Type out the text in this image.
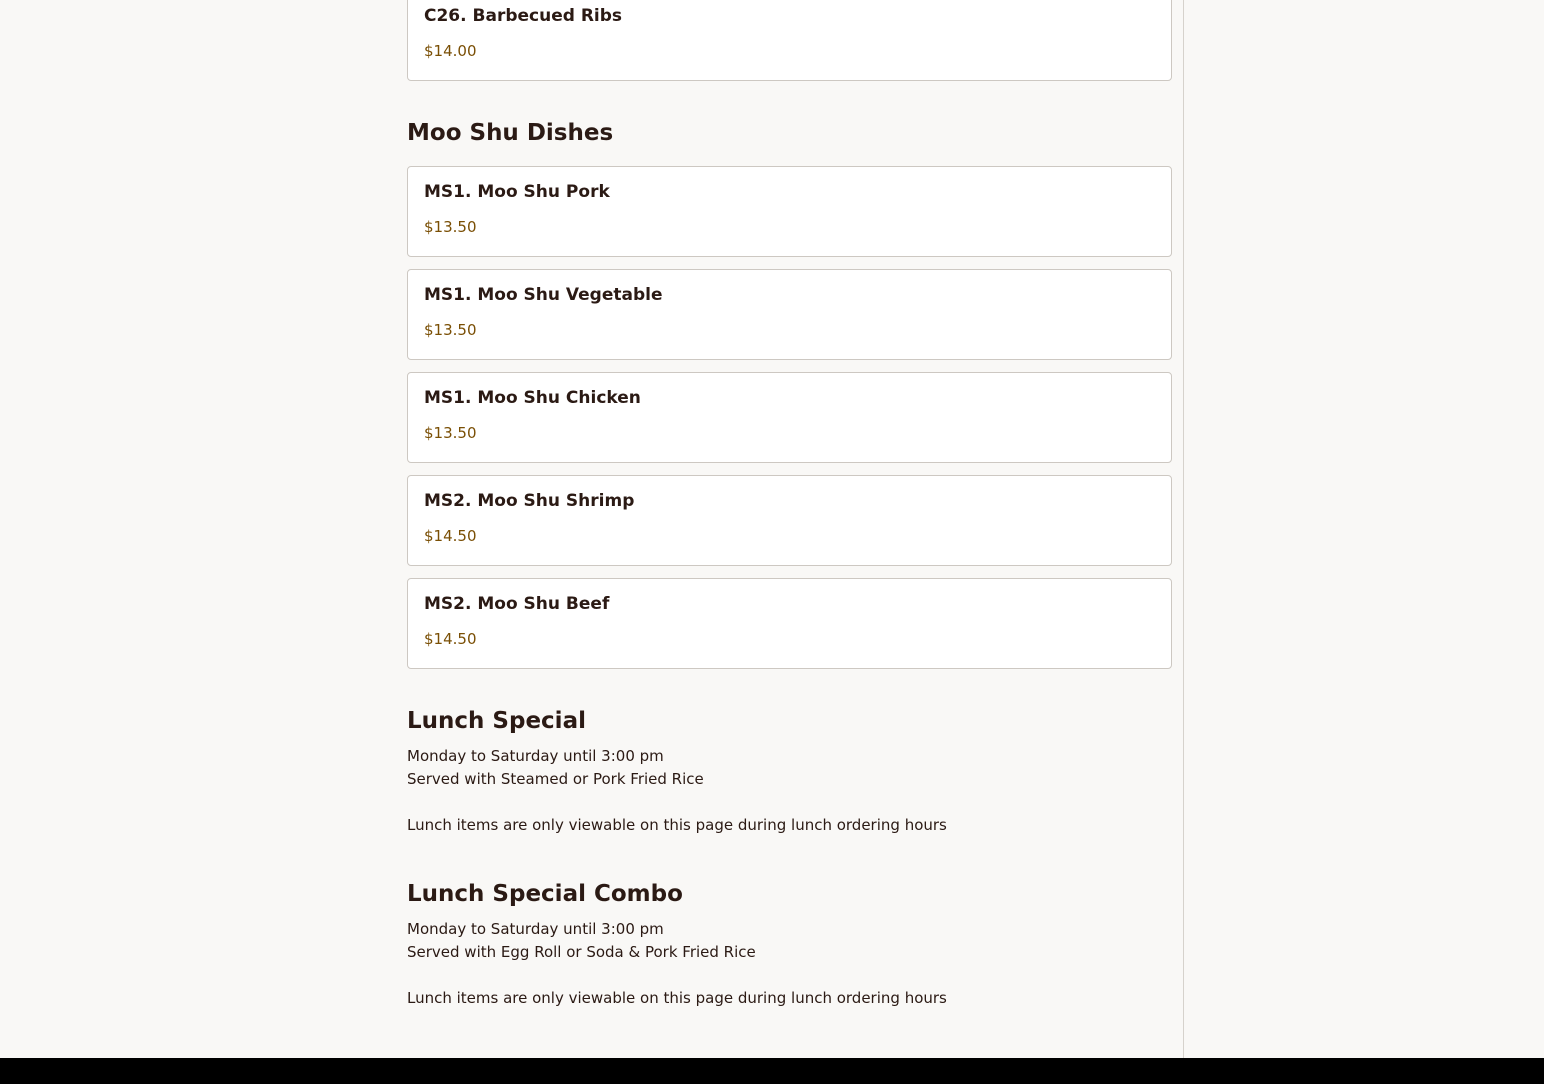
C26. Barbecued Ribs
$14.00
Moo Shu Dishes
MS1. Moo Shu Pork
$13.50
MS1. Moo Shu Vegetable
$13.50
MS1. Moo Shu Chicken
$13.50
MS2. Moo Shu Shrimp
$14.50
MS2. Moo Shu Beef
$14.50
Lunch Special
Monday to Saturday until 3:00 pm
Served with Steamed or Pork Fried Rice
Lunch items are only viewable on this page during lunch ordering hours
Lunch Special Combo
Monday to Saturday until 3:00 pm
Served with Egg Roll or Soda & Pork Fried Rice
Lunch items are only viewable on this page during lunch ordering hours
